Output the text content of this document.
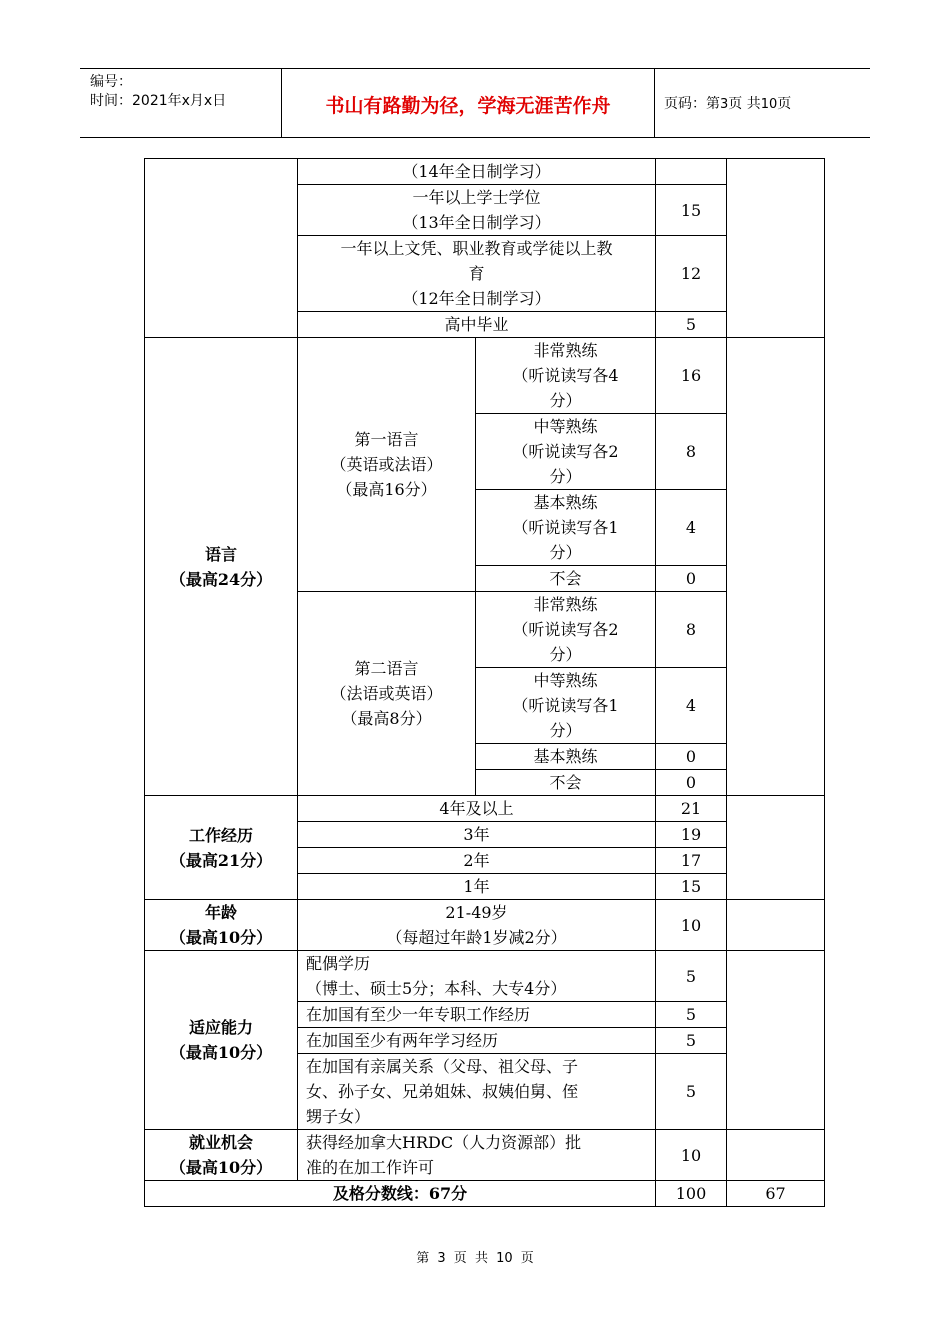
编号：
时间：2021年x月x日	书山有路勤为径，学海无涯苦作舟	页码：第3页 共10页

	（14年全日制学习）			

	一年以上学士学位
（13年全日制学习）		15	

	一年以上文凭、职业教育或学徒以上教
育
（12年全日制学习）		12	

	高中毕业		5	

语言
（最高24分）	第一语言
（英语或法语）
（最高16分）	非常熟练
（听说读写各4
分）	16	

		中等熟练
（听说读写各2
分）	8	

		基本熟练
（听说读写各1
分）	4	

		不会	0	

	第二语言
（法语或英语）
（最高8分）	非常熟练
（听说读写各2
分）	8	

		中等熟练
（听说读写各1
分）	4	

		基本熟练	0	

		不会	0	

工作经历
（最高21分）	4年及以上		21	
	3年		19	
	2年		17	
	1年		15	

年龄
（最高10分）	21-49岁
（每超过年龄1岁减2分）		10	

适应能力
（最高10分）	配偶学历
（博士、硕士5分；本科、大专4分）		5	
	在加国有至少一年专职工作经历		5	
	在加国至少有两年学习经历		5	

	在加国有亲属关系（父母、祖父母、子
女、孙子女、兄弟姐妹、叔姨伯舅、侄
甥子女）		5	

就业机会
（最高10分）	获得经加拿大HRDC（人力资源部）批
准的在加工作许可		10	
及格分数线：67分			100	67
第 3 页 共 10 页
